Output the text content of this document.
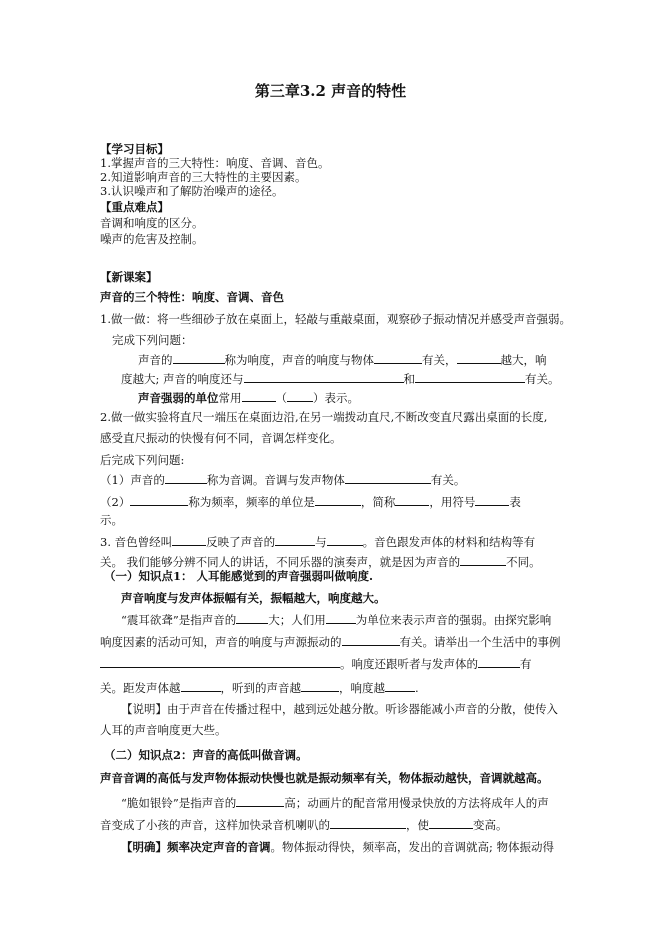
第三章3.2 声音的特性
【学习目标】
1.掌握声音的三大特性：响度、音调、音色。
2.知道影响声音的三大特性的主要因素。
3.认识噪声和了解防治噪声的途径。
【重点难点】
音调和响度的区分。
噪声的危害及控制。
【新课案】
声音的三个特性：响度、音调、音色
1.做一做：将一些细砂子放在桌面上，轻敲与重敲桌面，观察砂子振动情况并感受声音强弱。
完成下列问题：
声音的	称为响度，声音的响度与物体	有关，	越大，响
度越大; 声音的响度还与	和	有关。
声音强弱的单位常用	（ ）表示。
2.做一做实验将直尺一端压在桌面边沿,在另一端拨动直尺,不断改变直尺露出桌面的长度,
感受直尺振动的快慢有何不同，音调怎样变化。
后完成下列问题:
（1）声音的	称为音调。音调与发声物体	有关。
（2）	称为频率，频率的单位是	，简称	，用符号	表
示。
3. 音色曾经叫	反映了声音的	与	。音色跟发声体的材料和结构等有
关。 我们能够分辨不同人的讲话，不同乐器的演奏声，就是因为声音的	不同。
（一）知识点1： 人耳能感觉到的声音强弱叫做响度.
声音响度与发声体振幅有关，振幅越大，响度越大。
“震耳欲聋”是指声音的	大；人们用	为单位来表示声音的强弱。由探究影响
响度因素的活动可知，声音的响度与声源振动的	有关。请举出一个生活中的事例
。响度还跟听者与发声体的	有
关。距发声体越	，听到的声音越	，响度越	.
【说明】由于声音在传播过程中，越到远处越分散。听诊器能减小声音的分散，使传入
人耳的声音响度更大些。
（二）知识点2：声音的高低叫做音调。
声音音调的高低与发声物体振动快慢也就是振动频率有关，物体振动越快，音调就越高。
“脆如银铃”是指声音的	高；动画片的配音常用慢录快放的方法将成年人的声
音变成了小孩的声音，这样加快录音机喇叭的	，使	变高。
【明确】频率决定声音的音调。物体振动得快，频率高，发出的音调就高; 物体振动得
